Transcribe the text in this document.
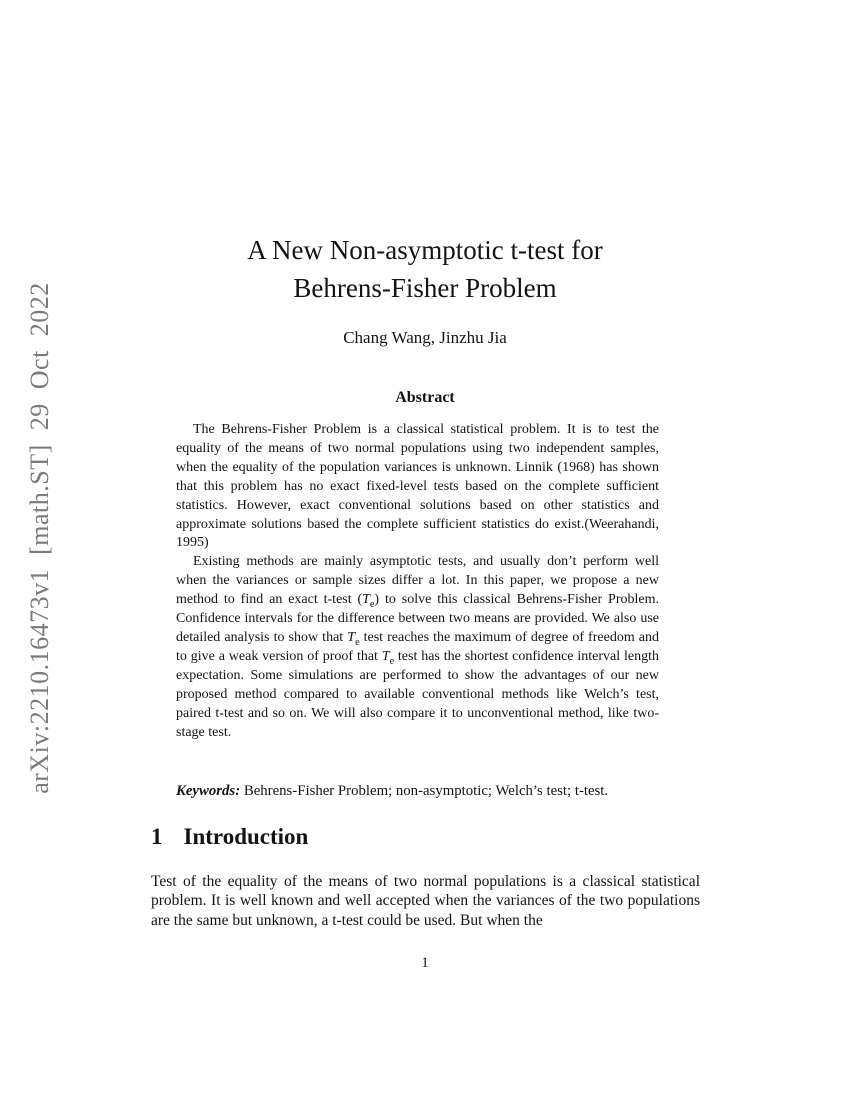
arXiv:2210.16473v1 [math.ST] 29 Oct 2022
A New Non-asymptotic t-test for
Behrens-Fisher Problem
Chang Wang, Jinzhu Jia
Abstract

The Behrens-Fisher Problem is a classical statistical problem. It is to test the equality of the means of two normal populations using two independent samples, when the equality of the population variances is unknown. Linnik (1968) has shown that this problem has no exact fixed-level tests based on the complete sufficient statistics. However, exact conventional solutions based on other statistics and approximate solutions based the complete sufficient statistics do exist.(Weerahandi, 1995)

Existing methods are mainly asymptotic tests, and usually don’t perform well when the variances or sample sizes differ a lot. In this paper, we propose a new method to find an exact t-test $(T_e)$ to solve this classical Behrens-Fisher Problem. Confidence intervals for the difference between two means are provided. We also use detailed analysis to show that $T_e$ test reaches the maximum of degree of freedom and to give a weak version of proof that $T_e$ test has the shortest confidence interval length expectation. Some simulations are performed to show the advantages of our new proposed method compared to available conventional methods like Welch’s test, paired t-test and so on. We will also compare it to unconventional method, like two-stage test.

Keywords: Behrens-Fisher Problem; non-asymptotic; Welch’s test; t-test.

1 Introduction

Test of the equality of the means of two normal populations is a classical statistical problem. It is well known and well accepted when the variances of the two populations are the same but unknown, a t-test could be used. But when the

1
